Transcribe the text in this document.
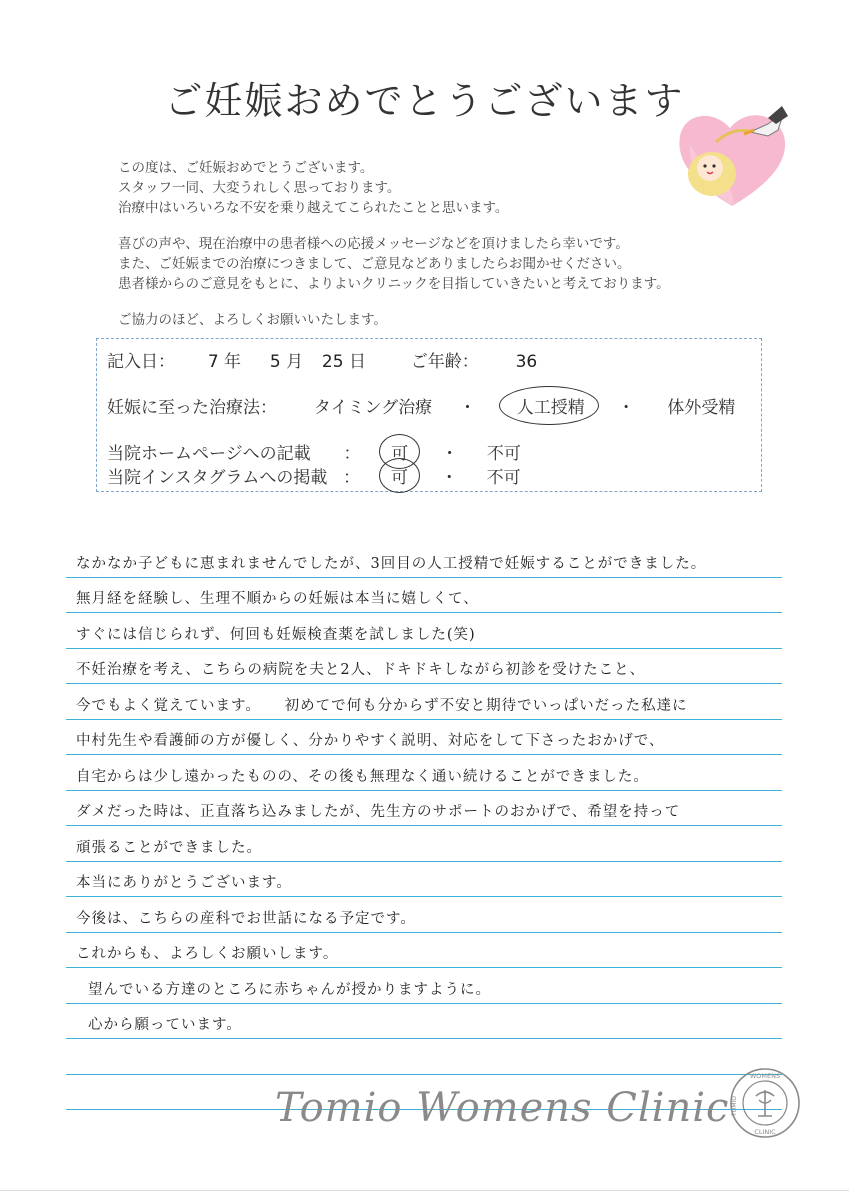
ご妊娠おめでとうございます

この度は、ご妊娠おめでとうございます。
スタッフ一同、大変うれしく思っております。
治療中はいろいろな不安を乗り越えてこられたことと思います。

喜びの声や、現在治療中の患者様への応援メッセージなどを頂けましたら幸いです。
また、ご妊娠までの治療につきまして、ご意見などありましたらお聞かせください。
患者様からのご意見をもとに、よりよいクリニックを目指していきたいと考えております。

ご協力のほど、よろしくお願いいたします。

記入日： 7 年 5 月 25 日	ご年齢： 36
妊娠に至った治療法： タイミング治療 ・ 人工授精 ・ 体外受精
当院ホームページへの記載 ： 可 ・ 不可
当院インスタグラムへの掲載 ： 可 ・ 不可
なかなか子どもに恵まれませんでしたが、3回目の人工授精で妊娠することができました。
無月経を経験し、生理不順からの妊娠は本当に嬉しくて、
すぐには信じられず、何回も妊娠検査薬を試しました(笑)
不妊治療を考え、こちらの病院を夫と2人、ドキドキしながら初診を受けたこと、
今でもよく覚えています。　　初めてで何も分からず不安と期待でいっぱいだった私達に
中村先生や看護師の方が優しく、分かりやすく説明、対応をして下さったおかげで、
自宅からは少し遠かったものの、その後も無理なく通い続けることができました。
ダメだった時は、正直落ち込みましたが、先生方のサポートのおかげで、希望を持って
頑張ることができました。
本当にありがとうございます。
今後は、こちらの産科でお世話になる予定です。
これからも、よろしくお願いします。
望んでいる方達のところに赤ちゃんが授かりますように。
心から願っています。
Tomio Womens Clinic
WOMENS
CLINIC
TOMIO
